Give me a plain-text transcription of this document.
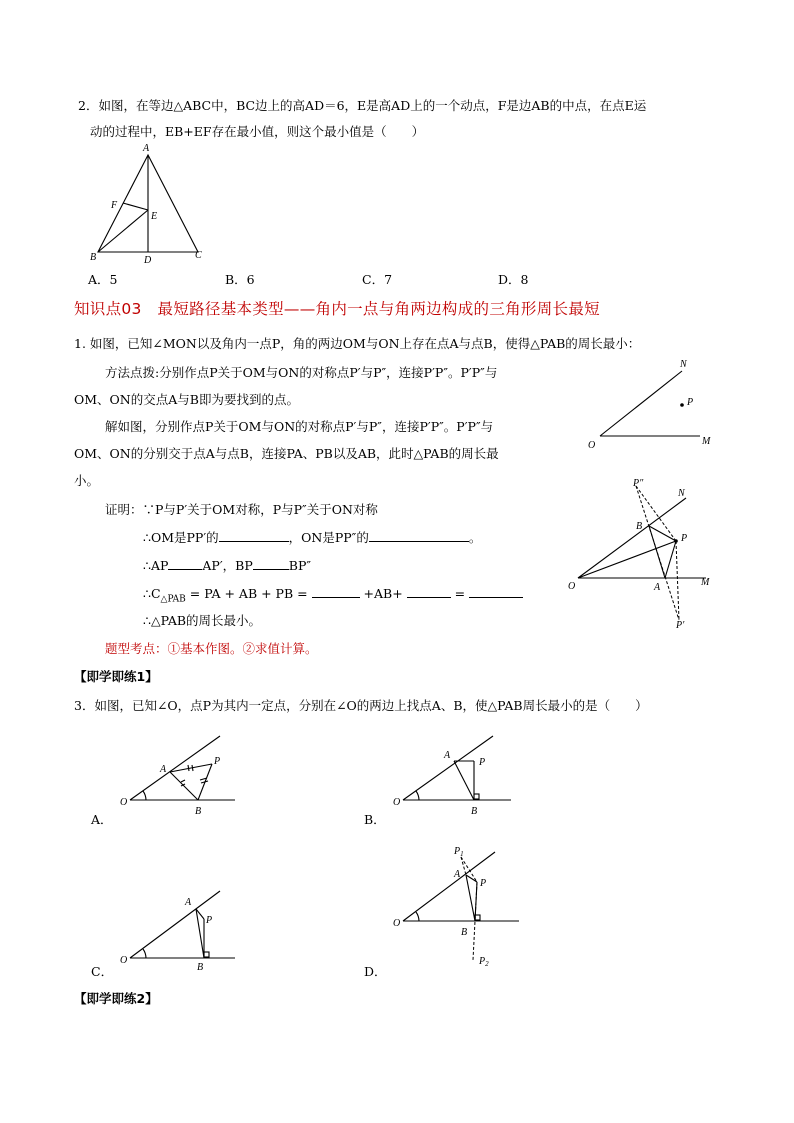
2．如图，在等边△ABC中，BC边上的高AD＝6，E是高AD上的一个动点，F是边AB的中点，在点E运
动的过程中，EB+EF存在最小值，则这个最小值是（　　）
A
F
E
B	D	C
A．5	B．6	C．7	D．8
知识点03　最短路径基本类型——角内一点与角两边构成的三角形周长最短
1. 如图，已知∠MON以及角内一点P，角的两边OM与ON上存在点A与点B，使得△PAB的周长最小：
方法点拨:分别作点P关于OM与ON的对称点P′与P″，连接P′P″。P′P″与
OM、ON的交点A与B即为要找到的点。
解如图，分别作点P关于OM与ON的对称点P′与P″，连接P′P″。P′P″与
OM、ON的分别交于点A与点B，连接PA、PB以及AB，此时△PAB的周长最
小。
N
P
O	M
证明：∵P与P′关于OM对称，P与P″关于ON对称
∴OM是PP′的	，ON是PP″的	。
∴AP	AP′，BP	BP″
$\therefore C_{\triangle PAB}$ = PA + AB + PB =	+AB+	=
∴△PAB的周长最小。
题型考点：①基本作图。②求值计算。
P″
N
B
P
O	A	M
P′
【即学即练1】
3．如图，已知∠O，点P为其内一定点，分别在∠O的两边上找点A、B，使△PAB周长最小的是（　　）
A
P
O
B
A．
A
P
O
B
B．
A
P
O
B
C．
$P_1$
A
P
O
B
$P_2$
D．
【即学即练2】
